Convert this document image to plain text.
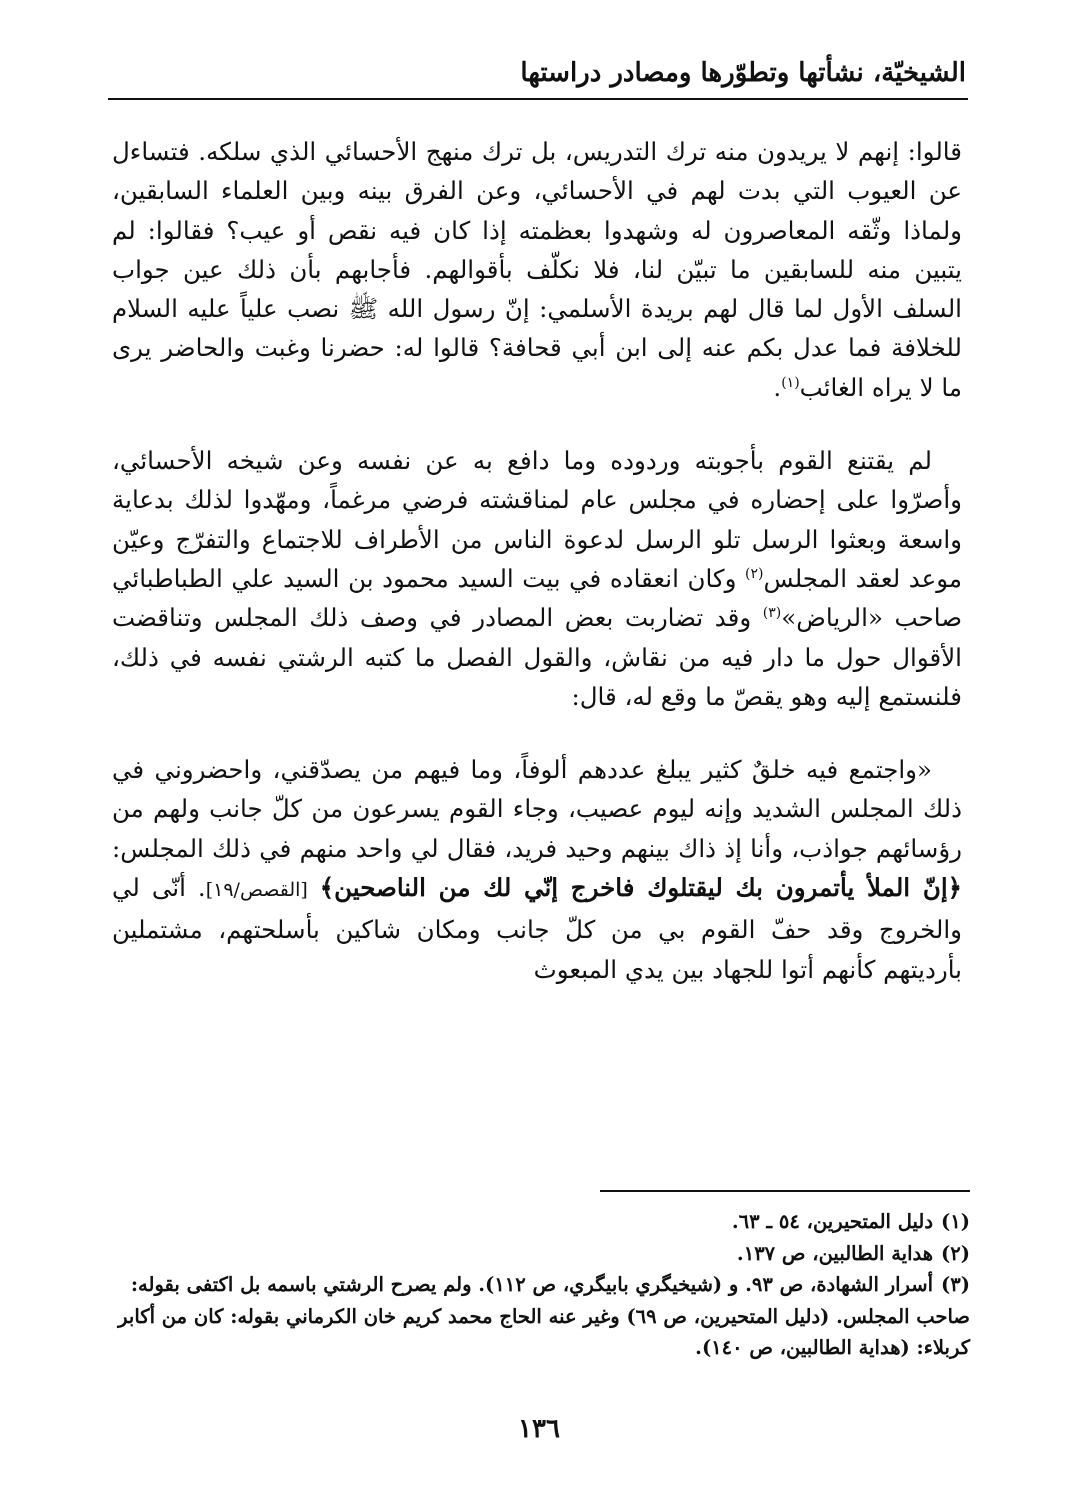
الشيخيّة، نشأتها وتطوّرها ومصادر دراستها

قالوا: إنهم لا يريدون منه ترك التدريس، بل ترك منهج الأحسائي الذي سلكه. فتساءل عن العيوب التي بدت لهم في الأحسائي، وعن الفرق بينه وبين العلماء السابقين، ولماذا وثّقه المعاصرون له وشهدوا بعظمته إذا كان فيه نقص أو عيب؟ فقالوا: لم يتبين منه للسابقين ما تبيّن لنا، فلا نكلّف بأقوالهم. فأجابهم بأن ذلك عين جواب السلف الأول لما قال لهم بريدة الأسلمي: إنّ رسول الله ﷺ نصب علياً عليه السلام للخلافة فما عدل بكم عنه إلى ابن أبي قحافة؟ قالوا له: حضرنا وغبت والحاضر يرى ما لا يراه الغائب$^{(١)}$.

لم يقتنع القوم بأجوبته وردوده وما دافع به عن نفسه وعن شيخه الأحسائي، وأصرّوا على إحضاره في مجلس عام لمناقشته فرضي مرغماً، ومهّدوا لذلك بدعاية واسعة وبعثوا الرسل تلو الرسل لدعوة الناس من الأطراف للاجتماع والتفرّج وعيّن موعد لعقد المجلس$^{(٢)}$ وكان انعقاده في بيت السيد محمود بن السيد علي الطباطبائي صاحب «الرياض»$^{(٣)}$ وقد تضاربت بعض المصادر في وصف ذلك المجلس وتناقضت الأقوال حول ما دار فيه من نقاش، والقول الفصل ما كتبه الرشتي نفسه في ذلك، فلنستمع إليه وهو يقصّ ما وقع له، قال:

«واجتمع فيه خلقٌ كثير يبلغ عددهم ألوفاً، وما فيهم من يصدّقني، واحضروني في ذلك المجلس الشديد وإنه ليوم عصيب، وجاء القوم يسرعون من كلّ جانب ولهم من رؤسائهم جواذب، وأنا إذ ذاك بينهم وحيد فريد، فقال لي واحد منهم في ذلك المجلس: ﴿إنّ الملأ يأتمرون بك ليقتلوك فاخرج إنّي لك من الناصحين﴾ [القصص/١٩]. أنّى لي والخروج وقد حفّ القوم بي من كلّ جانب ومكان شاكين بأسلحتهم، مشتملين بأرديتهم كأنهم أتوا للجهاد بين يدي المبعوث

(١)دليل المتحيرين، ٥٤ ـ ٦٣.

(٢)هداية الطالبين، ص ١٣٧.

(٣)أسرار الشهادة، ص ٩٣. و (شيخيگري بابيگري، ص ١١٢). ولم يصرح الرشتي باسمه بل اكتفى بقوله: صاحب المجلس. (دليل المتحيرين، ص ٦٩) وغير عنه الحاج محمد كريم خان الكرماني بقوله: كان من أكابر كربلاء: (هداية الطالبين، ص ١٤٠).

١٣٦
